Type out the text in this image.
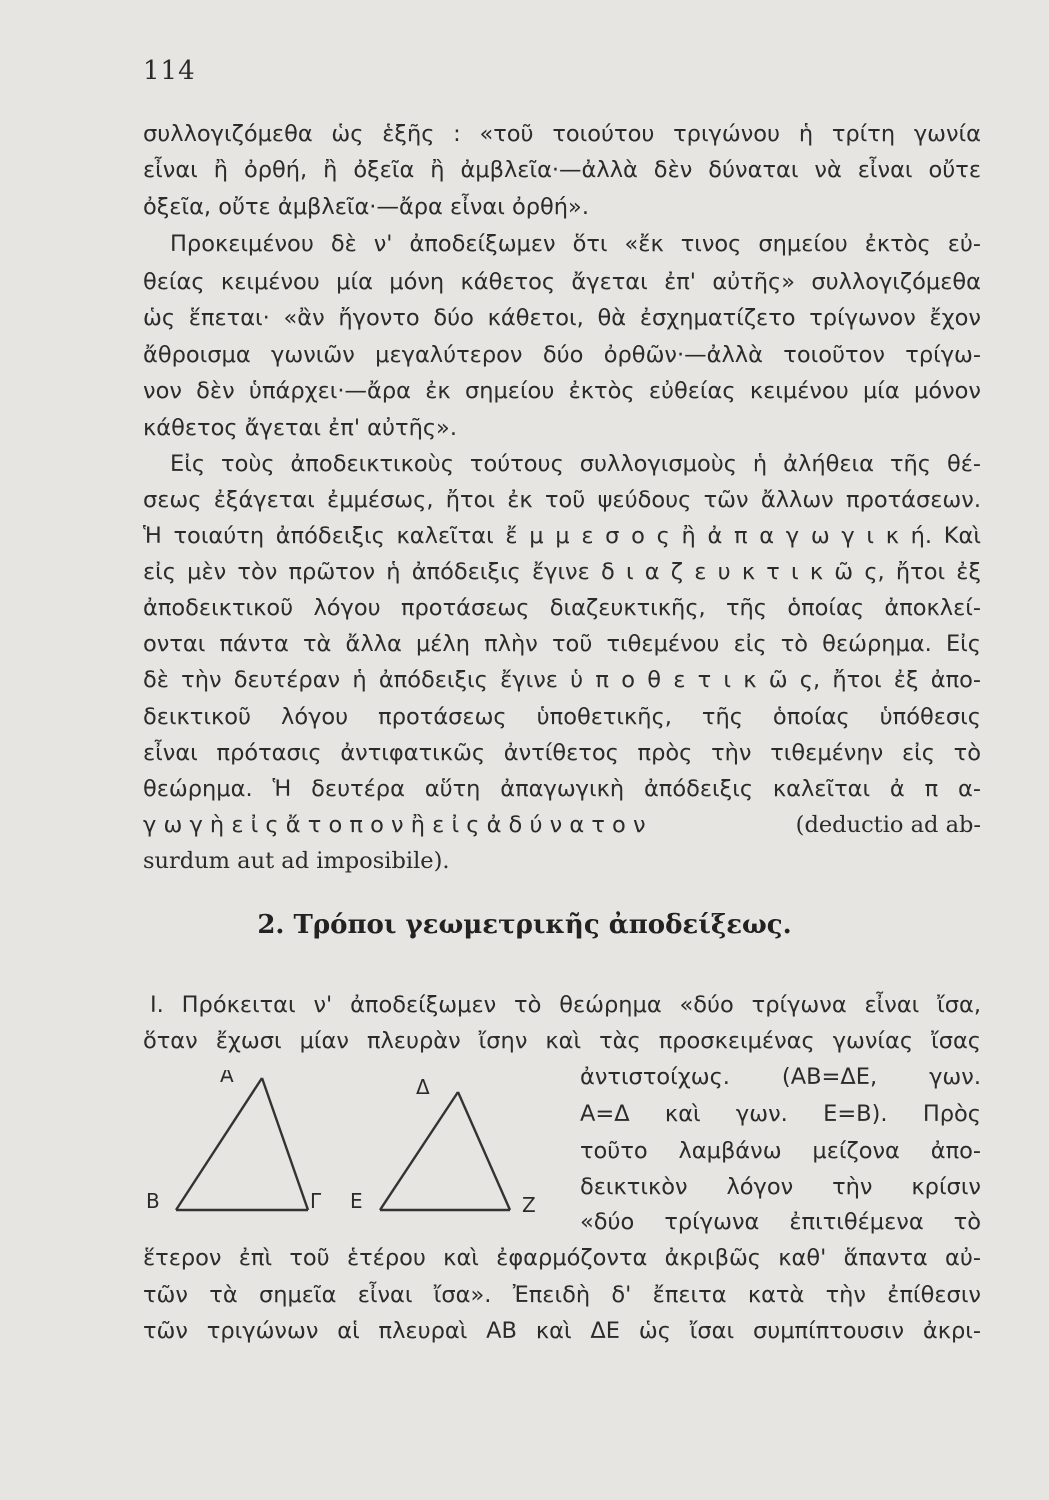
114
συλλογιζόμεθα ὡς ἑξῆς : «τοῦ τοιούτου τριγώνου ἡ τρίτη γωνία
εἶναι ἢ ὀρθή, ἢ ὀξεῖα ἢ ἀμβλεῖα·—ἀλλὰ δὲν δύναται νὰ εἶναι οὔτε
ὀξεῖα, οὔτε ἀμβλεῖα·—ἄρα εἶναι ὀρθή».
Προκειμένου δὲ ν' ἀποδείξωμεν ὅτι «ἔκ τινος σημείου ἐκτὸς εὐ-
θείας κειμένου μία μόνη κάθετος ἄγεται ἐπ' αὐτῆς» συλλογιζόμεθα
ὡς ἕπεται· «ἂν ἤγοντο δύο κάθετοι, θὰ ἐσχηματίζετο τρίγωνον ἔχον
ἄθροισμα γωνιῶν μεγαλύτερον δύο ὀρθῶν·—ἀλλὰ τοιοῦτον τρίγω-
νον δὲν ὑπάρχει·—ἄρα ἐκ σημείου ἐκτὸς εὐθείας κειμένου μία μόνον
κάθετος ἄγεται ἐπ' αὐτῆς».
Εἰς τοὺς ἀποδεικτικοὺς τούτους συλλογισμοὺς ἡ ἀλήθεια τῆς θέ-
σεως ἐξάγεται ἐμμέσως, ἤτοι ἐκ τοῦ ψεύδους τῶν ἄλλων προτάσεων.
Ἡ τοιαύτη ἀπόδειξις καλεῖται ἔ μ μ ε σ ο ς ἢ ἀ π α γ ω γ ι κ ή. Καὶ
εἰς μὲν τὸν πρῶτον ἡ ἀπόδειξις ἔγινε δ ι α ζ ε υ κ τ ι κ ῶ ς, ἤτοι ἐξ
ἀποδεικτικοῦ λόγου προτάσεως διαζευκτικῆς, τῆς ὁποίας ἀποκλεί-
ονται πάντα τὰ ἄλλα μέλη πλὴν τοῦ τιθεμένου εἰς τὸ θεώρημα. Εἰς
δὲ τὴν δευτέραν ἡ ἀπόδειξις ἔγινε ὑ π ο θ ε τ ι κ ῶ ς, ἤτοι ἐξ ἀπο-
δεικτικοῦ λόγου προτάσεως ὑποθετικῆς, τῆς ὁποίας ὑπόθεσις
εἶναι πρότασις ἀντιφατικῶς ἀντίθετος πρὸς τὴν τιθεμένην εἰς τὸ
θεώρημα. Ἡ δευτέρα αὕτη ἀπαγωγικὴ ἀπόδειξις καλεῖται ἀ π α-
γ ω γ ὴ ε ἰ ς ἄ τ ο π ο ν ἢ ε ἰ ς ἀ δ ύ ν α τ ο ν	(deductio ad ab-
surdum aut ad imposibile).
2. Τρόποι γεωμετρικῆς ἀποδείξεως.
Ι. Πρόκειται ν' ἀποδείξωμεν τὸ θεώρημα «δύο τρίγωνα εἶναι ἴσα,
ὅταν ἔχωσι μίαν πλευρὰν ἴσην καὶ τὰς προσκειμένας γωνίας ἴσας
Α
Β	Γ
Δ
Ε	Ζ
ἀντιστοίχως. (ΑΒ=ΔΕ, γων.
Α=Δ καὶ γων. Ε=Β). Πρὸς
τοῦτο λαμβάνω μείζονα ἀπο-
δεικτικὸν λόγον τὴν κρίσιν
«δύο τρίγωνα ἐπιτιθέμενα τὸ
ἕτερον ἐπὶ τοῦ ἑτέρου καὶ ἐφαρμόζοντα ἀκριβῶς καθ' ἅπαντα αὐ-
τῶν τὰ σημεῖα εἶναι ἴσα». Ἐπειδὴ δ' ἔπειτα κατὰ τὴν ἐπίθεσιν
τῶν τριγώνων αἱ πλευραὶ ΑΒ καὶ ΔΕ ὡς ἴσαι συμπίπτουσιν ἀκρι-
